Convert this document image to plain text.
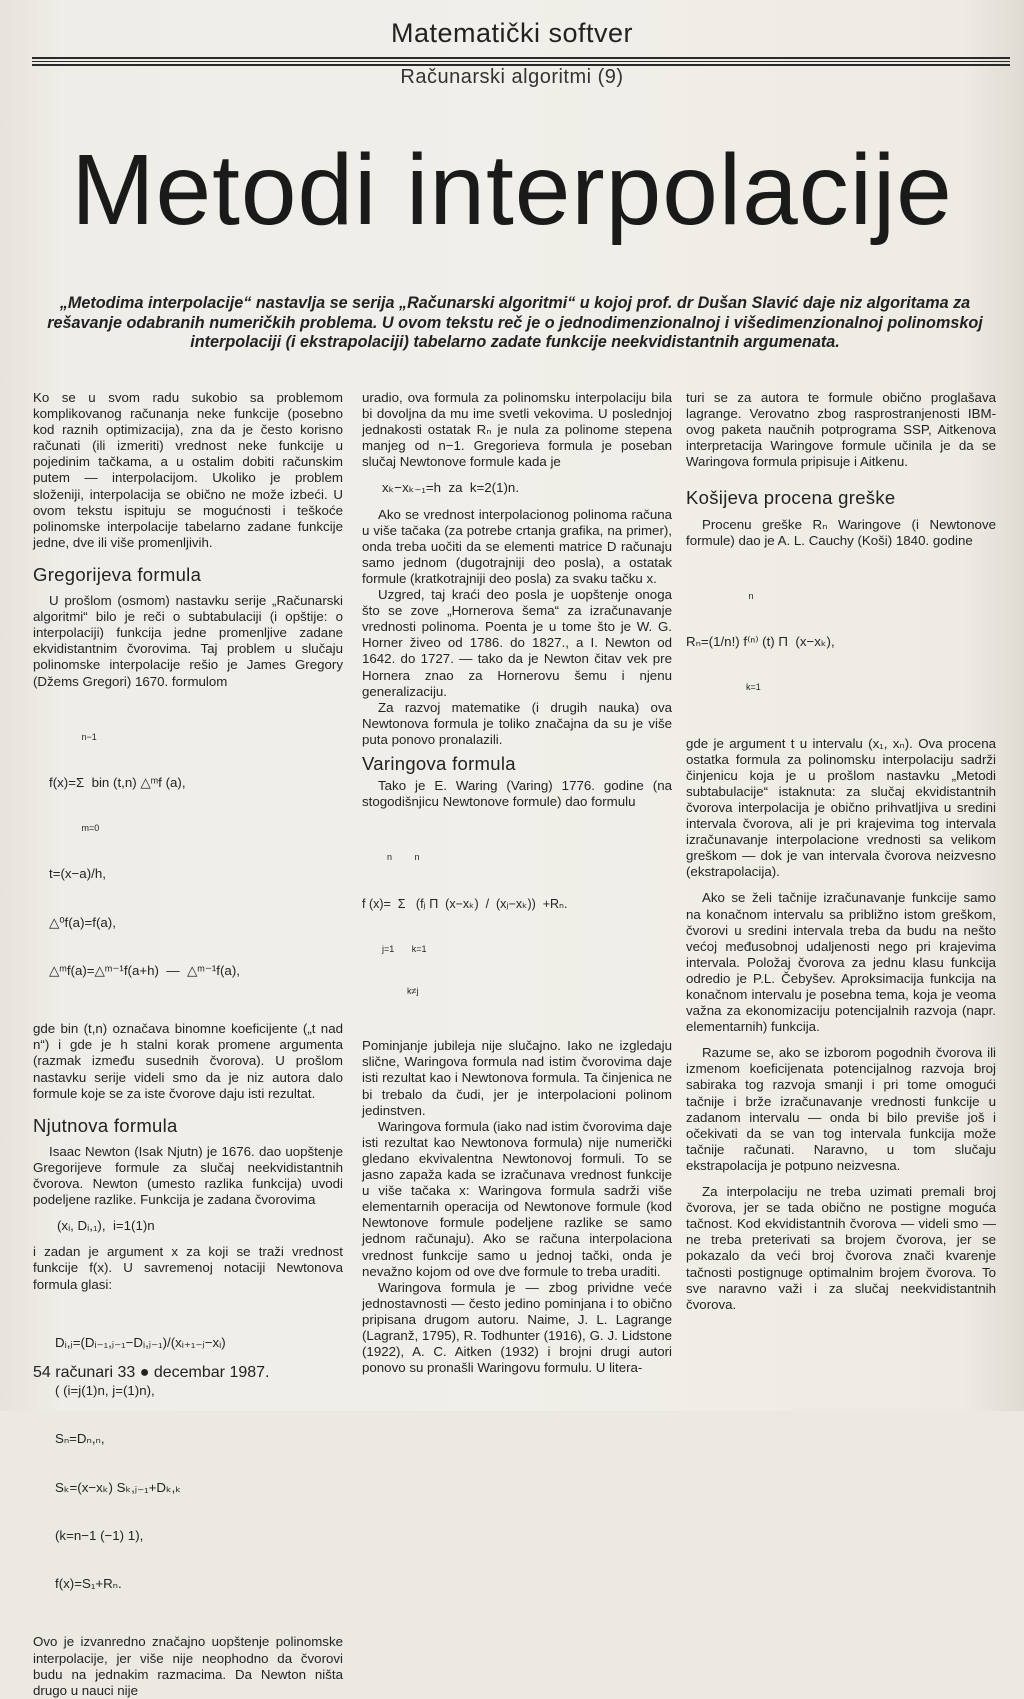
Matematički softver
Računarski algoritmi (9)
Metodi interpolacije
„Metodima interpolacije“ nastavlja se serija „Računarski algoritmi“ u kojoj prof. dr Dušan Slavić daje niz algoritama za rešavanje odabranih numeričkih problema. U ovom tekstu reč je o jednodimenzionalnoj i višedimenzionalnoj polinomskoj interpolaciji (i ekstrapolaciji) tabelarno zadate funkcije neekvidistantnih argumenata.

Ko se u svom radu sukobio sa problemom komplikovanog računanja neke funkcije (posebno kod raznih optimizacija), zna da je često korisno računati (ili izmeriti) vrednost neke funkcije u pojedinim tačkama, a u ostalim dobiti računskim putem — interpolacijom. Ukoliko je problem složeniji, interpolacija se obično ne može izbeći. U ovom tekstu ispituju se mogućnosti i teškoće polinomske interpolacije tabelarno zadane funkcije jedne, dve ili više promenljivih.

Gregorijeva formula

U prošlom (osmom) nastavku serije „Računarski algoritmi“ bilo je reči o subtabulaciji (i opštije: o interpolaciji) funkcija jedne promenljive zadane ekvidistantnim čvorovima. Taj problem u slučaju polinomske interpolacije rešio je James Gregory (Džems Gregori) 1670. formulom

n−1

f(x)=Σ  bin (t,n) △ᵐf (a),

m=0

t=(x−a)/h,

△⁰f(a)=f(a),

△ᵐf(a)=△ᵐ⁻¹f(a+h)  —  △ᵐ⁻¹f(a),

gde bin (t,n) označava binomne koeficijente („t nad n“) i gde je h stalni korak promene argumenta (razmak između susednih čvorova). U prošlom nastavku serije videli smo da je niz autora dalo formule koje se za iste čvorove daju isti rezultat.

Njutnova formula

Isaac Newton (Isak Njutn) je 1676. dao uopštenje Gregorijeve formule za slučaj neekvidistantnih čvorova. Newton (umesto razlika funkcija) uvodi podeljene razlike. Funkcija je zadana čvorovima

(xᵢ, Dᵢ,₁),  i=1(1)n

i zadan je argument x za koji se traži vrednost funkcije f(x). U savremenoj notaciji Newtonova formula glasi:

Dᵢ,ⱼ=(Dᵢ₋₁,ⱼ₋₁−Dᵢ,ⱼ₋₁)/(xᵢ₊₁₋ⱼ−xᵢ)

( (i=j(1)n, j=(1)n),

Sₙ=Dₙ,ₙ,

Sₖ=(x−xₖ) Sₖ,ⱼ₋₁+Dₖ,ₖ

(k=n−1 (−1) 1),

f(x)=S₁+Rₙ.

Ovo je izvanredno značajno uopštenje polinomske interpolacije, jer više nije neophodno da čvorovi budu na jednakim razmacima. Da Newton ništa drugo u nauci nije

uradio, ova formula za polinomsku interpolaciju bila bi dovoljna da mu ime svetli vekovima. U poslednjoj jednakosti ostatak Rₙ je nula za polinome stepena manjeg od n−1. Gregorieva formula je poseban slučaj Newtonove formule kada je

xₖ−xₖ₋₁=h  za  k=2(1)n.

Ako se vrednost interpolacionog polinoma računa u više tačaka (za potrebe crtanja grafika, na primer), onda treba uočiti da se elementi matrice D računaju samo jednom (dugotrajniji deo posla), a ostatak formule (kratkotrajniji deo posla) za svaku tačku x.

Uzgred, taj kraći deo posla je uopštenje onoga što se zove „Hornerova šema“ za izračunavanje vrednosti polinoma. Poenta je u tome što je W. G. Horner živeo od 1786. do 1827., a I. Newton od 1642. do 1727. — tako da je Newton čitav vek pre Hornera znao za Hornerovu šemu i njenu generalizaciju.

Za razvoj matematike (i drugih nauka) ova Newtonova formula je toliko značajna da su je više puta ponovo pronalazili.

Varingova formula

Tako je E. Waring (Varing) 1776. godine (na stogodišnjicu Newtonove formule) dao formulu

n         n

f (x)=  Σ   (fⱼ Π  (x−xₖ)  /  (xⱼ−xₖ))  +Rₙ.

j=1       k=1

k≠j

Pominjanje jubileja nije slučajno. Iako ne izgledaju slične, Waringova formula nad istim čvorovima daje isti rezultat kao i Newtonova formula. Ta činjenica ne bi trebalo da čudi, jer je interpolacioni polinom jedinstven.

Waringova formula (iako nad istim čvorovima daje isti rezultat kao Newtonova formula) nije numerički gledano ekvivalentna Newtonovoj formuli. To se jasno zapaža kada se izračunava vrednost funkcije u više tačaka x: Waringova formula sadrži više elementarnih operacija od Newtonove formule (kod Newtonove formule podeljene razlike se samo jednom računaju). Ako se računa interpolaciona vrednost funkcije samo u jednoj tački, onda je nevažno kojom od ove dve formule to treba uraditi.

Waringova formula je — zbog prividne veće jednostavnosti — često jedino pominjana i to obično pripisana drugom autoru. Naime, J. L. Lagrange (Lagranž, 1795), R. Todhunter (1916), G. J. Lidstone (1922), A. C. Aitken (1932) i brojni drugi autori ponovo su pronašli Waringovu formulu. U litera-

turi se za autora te formule obično proglašava lagrange. Verovatno zbog rasprostranjenosti IBM-ovog paketa naučnih potprograma SSP, Aitkenova interpretacija Waringove formule učinila je da se Waringova formula pripisuje i Aitkenu.

Košijeva procena greške

Procenu greške Rₙ Waringove (i Newtonove formule) dao je A. L. Cauchy (Koši) 1840. godine

n

Rₙ=(1/n!) f⁽ⁿ⁾ (t) Π  (x−xₖ),

k=1

gde je argument t u intervalu (x₁, xₙ). Ova procena ostatka formula za polinomsku interpolaciju sadrži činjenicu koja je u prošlom nastavku „Metodi subtabulacije“ istaknuta: za slučaj ekvidistantnih čvorova interpolacija je obično prihvatljiva u sredini intervala čvorova, ali je pri krajevima tog intervala izračunavanje interpolacione vrednosti sa velikom greškom — dok je van intervala čvorova neizvesno (ekstrapolacija).

Ako se želi tačnije izračunavanje funkcije samo na konačnom intervalu sa približno istom greškom, čvorovi u sredini intervala treba da budu na nešto većoj međusobnoj udaljenosti nego pri krajevima intervala. Položaj čvorova za jednu klasu funkcija odredio je P.L. Čebyšev. Aproksimacija funkcija na konačnom intervalu je posebna tema, koja je veoma važna za ekonomizaciju potencijalnih razvoja (napr. elementarnih) funkcija.

Razume se, ako se izborom pogodnih čvorova ili izmenom koeficijenata potencijalnog razvoja broj sabiraka tog razvoja smanji i pri tome omogući tačnije i brže izračunavanje vrednosti funkcije u zadanom intervalu — onda bi bilo previše još i očekivati da se van tog intervala funkcija može tačnije računati. Naravno, u tom slučaju ekstrapolacija je potpuno neizvesna.

Za interpolaciju ne treba uzimati premali broj čvorova, jer se tada obično ne postigne moguća tačnost. Kod ekvidistantnih čvorova — videli smo — ne treba preterivati sa brojem čvorova, jer se pokazalo da veći broj čvorova znači kvarenje tačnosti postignuge optimalnim brojem čvorova. To sve naravno važi i za slučaj neekvidistantnih čvorova.

54 računari 33 ● decembar 1987.
